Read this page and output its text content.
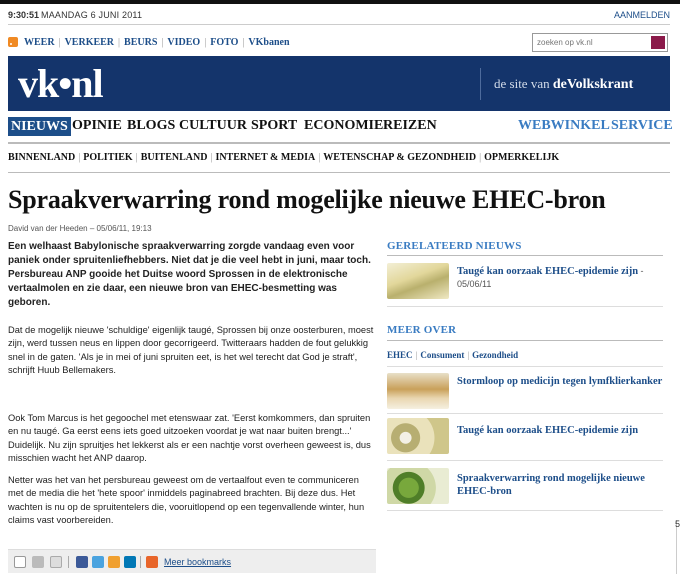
9:30:51 MAANDAG 6 JUNI 2011	AANMELDEN
WEER | VERKEER | BEURS | VIDEO | FOTO | VKbanen
zoeken op vk.nl
vk•nl	de site van deVolkskrant
NIEUWS OPINIE BLOGS CULTUUR SPORT ECONOMIE REIZEN	WEBWINKEL SERVICE
BINNENLAND | POLITIEK | BUITENLAND | INTERNET & MEDIA | WETENSCHAP & GEZONDHEID | OPMERKELIJK
Spraakverwarring rond mogelijke nieuwe EHEC-bron
David van der Heeden – 05/06/11, 19:13

Een welhaast Babylonische spraakverwarring zorgde vandaag even voor paniek onder spruitenliefhebbers. Niet dat je die veel hebt in juni, maar toch. Persbureau ANP gooide het Duitse woord Sprossen in de elektronische vertaalmolen en zie daar, een nieuwe bron van EHEC-besmetting was geboren.

Dat de mogelijk nieuwe 'schuldige' eigenlijk taugé, Sprossen bij onze oosterburen, moest zijn, werd tussen neus en lippen door gecorrigeerd. Twitteraars hadden de fout gelukkig snel in de gaten. 'Als je in mei of juni spruiten eet, is het wel terecht dat God je straft', schrijft Huub Bellemakers.

Ook Tom Marcus is het gegoochel met etenswaar zat. 'Eerst komkommers, dan spruiten en nu taugé. Ga eerst eens iets goed uitzoeken voordat je wat naar buiten brengt...' Duidelijk. Nu zijn spruitjes het lekkerst als er een nachtje vorst overheen geweest is, dus misschien wacht het ANP daarop.

Netter was het van het persbureau geweest om de vertaalfout even te communiceren met de media die het 'hete spoor' inmiddels paginabreed brachten. Bij deze dus. Het wachten is nu op de spruitentelers die, vooruitlopend op een tegenvallende winter, hun claims vast voorbereiden.

Meer bookmarks
GERELATEERD NIEUWS
Taugé kan oorzaak EHEC-epidemie zijn - 05/06/11
MEER OVER
EHEC | Consument | Gezondheid
Stormloop op medicijn tegen lymfklierkanker
Taugé kan oorzaak EHEC-epidemie zijn
Spraakverwarring rond mogelijke nieuwe EHEC-bron
5
